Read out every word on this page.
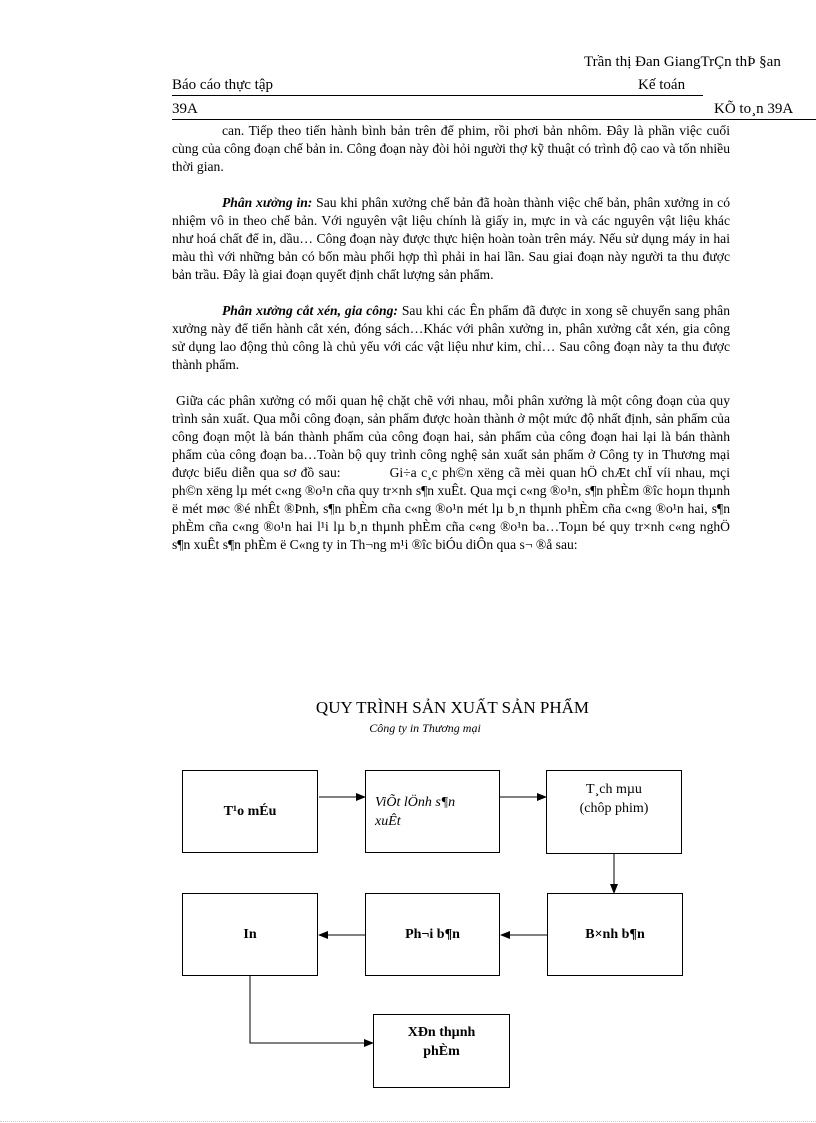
Trần thị Đan GiangTrÇn thÞ §an
Báo cáo thực tập	Kế toán
39A	KÕ to¸n 39A

can. Tiếp theo tiến hành bình bản trên để phim, rồi phơi bản nhôm. Đây là phần việc cuối cùng của công đoạn chế bản in. Công đoạn này đòi hỏi người thợ kỹ thuật có trình độ cao và tốn nhiều thời gian.

Phân xưởng in: Sau khi phân xưởng chế bản đã hoàn thành việc chế bản, phân xưởng in có nhiệm vô in theo chế bản. Với nguyên vật liệu chính là giấy in, mực in và các nguyên vật liệu khác như hoá chất để in, dầu… Công đoạn này được thực hiện hoàn toàn trên máy. Nếu sử dụng máy in hai màu thì với những bản có bốn màu phối hợp thì phải in hai lần. Sau giai đoạn này người ta thu được bản trầu. Đây là giai đoạn quyết định chất lượng sản phẩm.

Phân xưởng cắt xén, gia công: Sau khi các Ên phẩm đã được in xong sẽ chuyển sang phân xưởng này để tiến hành cắt xén, đóng sách…Khác với phân xưởng in, phân xưởng cắt xén, gia công sử dụng lao động thủ công là chủ yếu với các vật liệu như kim, chỉ… Sau công đoạn này ta thu được thành phẩm.

Giữa các phân xưởng có mối quan hệ chặt chẽ với nhau, mỗi phân xưởng là một công đoạn của quy trình sản xuất. Qua mỗi công đoạn, sản phẩm được hoàn thành ở một mức độ nhất định, sản phẩm của công đoạn một là bán thành phẩm của công đoạn hai, sản phẩm của công đoạn hai lại là bán thành phẩm của công đoạn ba…Toàn bộ quy trình công nghệ sản xuất sản phẩm ở Công ty in Thương mại được biểu diễn qua sơ đồ sau:	Gi÷a c¸c ph©n xëng cã mèi quan hÖ chÆt chÏ víi nhau, mçi ph©n xëng lµ mét c«ng ®o¹n cña quy tr×nh s¶n xuÊt. Qua mçi c«ng ®o¹n, s¶n phÈm ®îc hoµn thµnh ë mét møc ®é nhÊt ®Þnh, s¶n phÈm cña c«ng ®o¹n mét lµ b¸n thµnh phÈm cña c«ng ®o¹n hai, s¶n phÈm cña c«ng ®o¹n hai l¹i lµ b¸n thµnh phÈm cña c«ng ®o¹n ba…Toµn bé quy tr×nh c«ng nghÖ s¶n xuÊt s¶n phÈm ë C«ng ty in Th¬ng m¹i ®îc biÓu diÔn qua s¬ ®å sau:

QUY TRÌNH SẢN XUẤT SẢN PHẨM
Công ty in Thương mại
T¹o mÉu
ViÕt lÖnh s¶n
xuÊt
T¸ch mµu
(chôp phim)
In	Ph¬i b¶n	B×nh b¶n
XÐn thµnh
phÈm
